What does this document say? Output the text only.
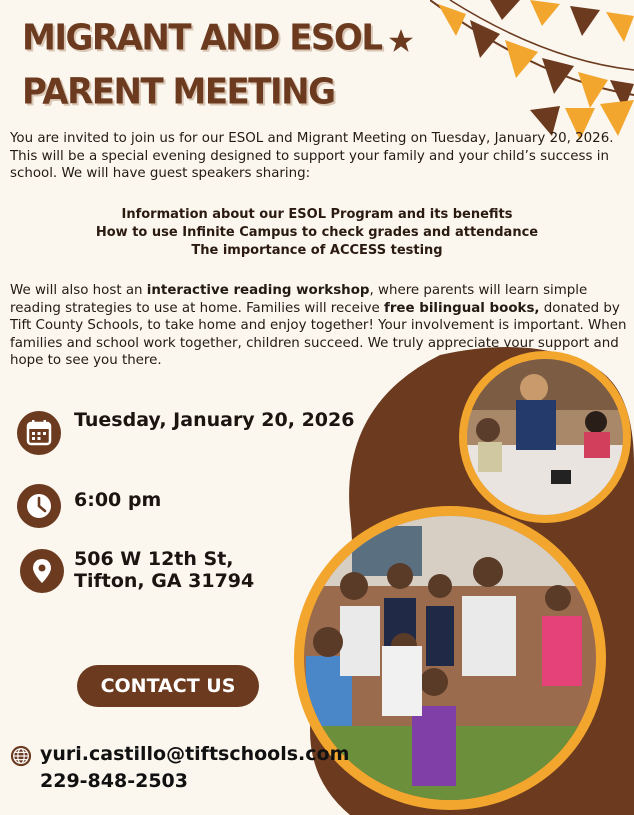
MIGRANT AND ESOL
PARENT MEETING
You are invited to join us for our ESOL and Migrant Meeting on Tuesday, January 20, 2026. This will be a special evening designed to support your family and your child’s success in school. We will have guest speakers sharing:
Information about our ESOL Program and its benefits
How to use Infinite Campus to check grades and attendance
The importance of ACCESS testing
We will also host an interactive reading workshop, where parents will learn simple reading strategies to use at home. Families will receive free bilingual books, donated by Tift County Schools, to take home and enjoy together! Your involvement is important. When families and school work together, children succeed. We truly appreciate your support and hope to see you there.
Tuesday, January 20, 2026
6:00 pm
506 W 12th St,
Tifton, GA 31794
CONTACT US
yuri.castillo@tiftschools.com
229-848-2503
